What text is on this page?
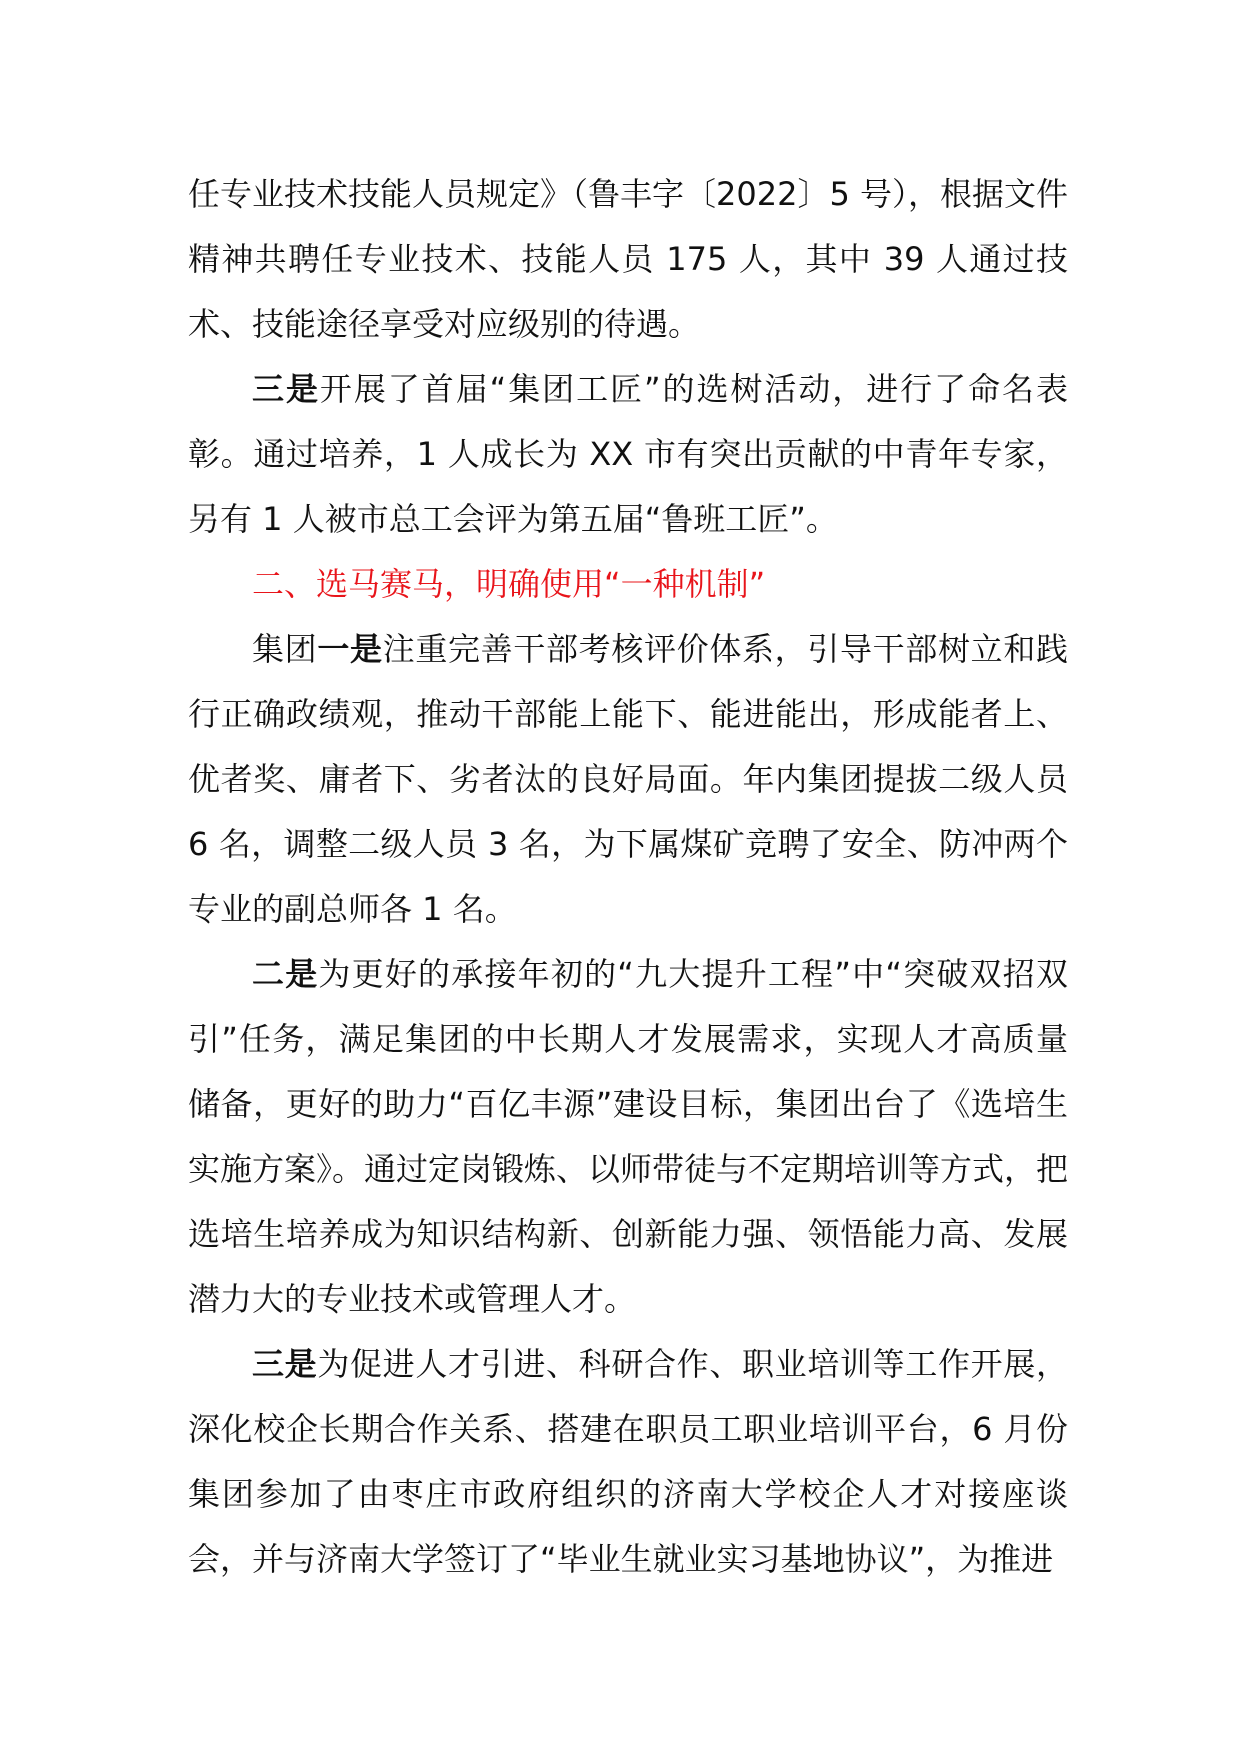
任专业技术技能人员规定》（鲁丰字〔2022〕5 号），根据文件精神共聘任专业技术、技能人员 175 人，其中 39 人通过技术、技能途径享受对应级别的待遇。

三是开展了首届“集团工匠”的选树活动，进行了命名表彰。通过培养，1 人成长为 XX 市有突出贡献的中青年专家，另有 1 人被市总工会评为第五届“鲁班工匠”。

二、选马赛马，明确使用“一种机制”

集团一是注重完善干部考核评价体系，引导干部树立和践行正确政绩观，推动干部能上能下、能进能出，形成能者上、优者奖、庸者下、劣者汰的良好局面。年内集团提拔二级人员 6 名，调整二级人员 3 名，为下属煤矿竞聘了安全、防冲两个专业的副总师各 1 名。

二是为更好的承接年初的“九大提升工程”中“突破双招双引”任务，满足集团的中长期人才发展需求，实现人才高质量储备，更好的助力“百亿丰源”建设目标，集团出台了《选培生实施方案》。通过定岗锻炼、以师带徒与不定期培训等方式，把选培生培养成为知识结构新、创新能力强、领悟能力高、发展潜力大的专业技术或管理人才。

三是为促进人才引进、科研合作、职业培训等工作开展，深化校企长期合作关系、搭建在职员工职业培训平台，6 月份集团参加了由枣庄市政府组织的济南大学校企人才对接座谈会，并与济南大学签订了“毕业生就业实习基地协议”，为推进
